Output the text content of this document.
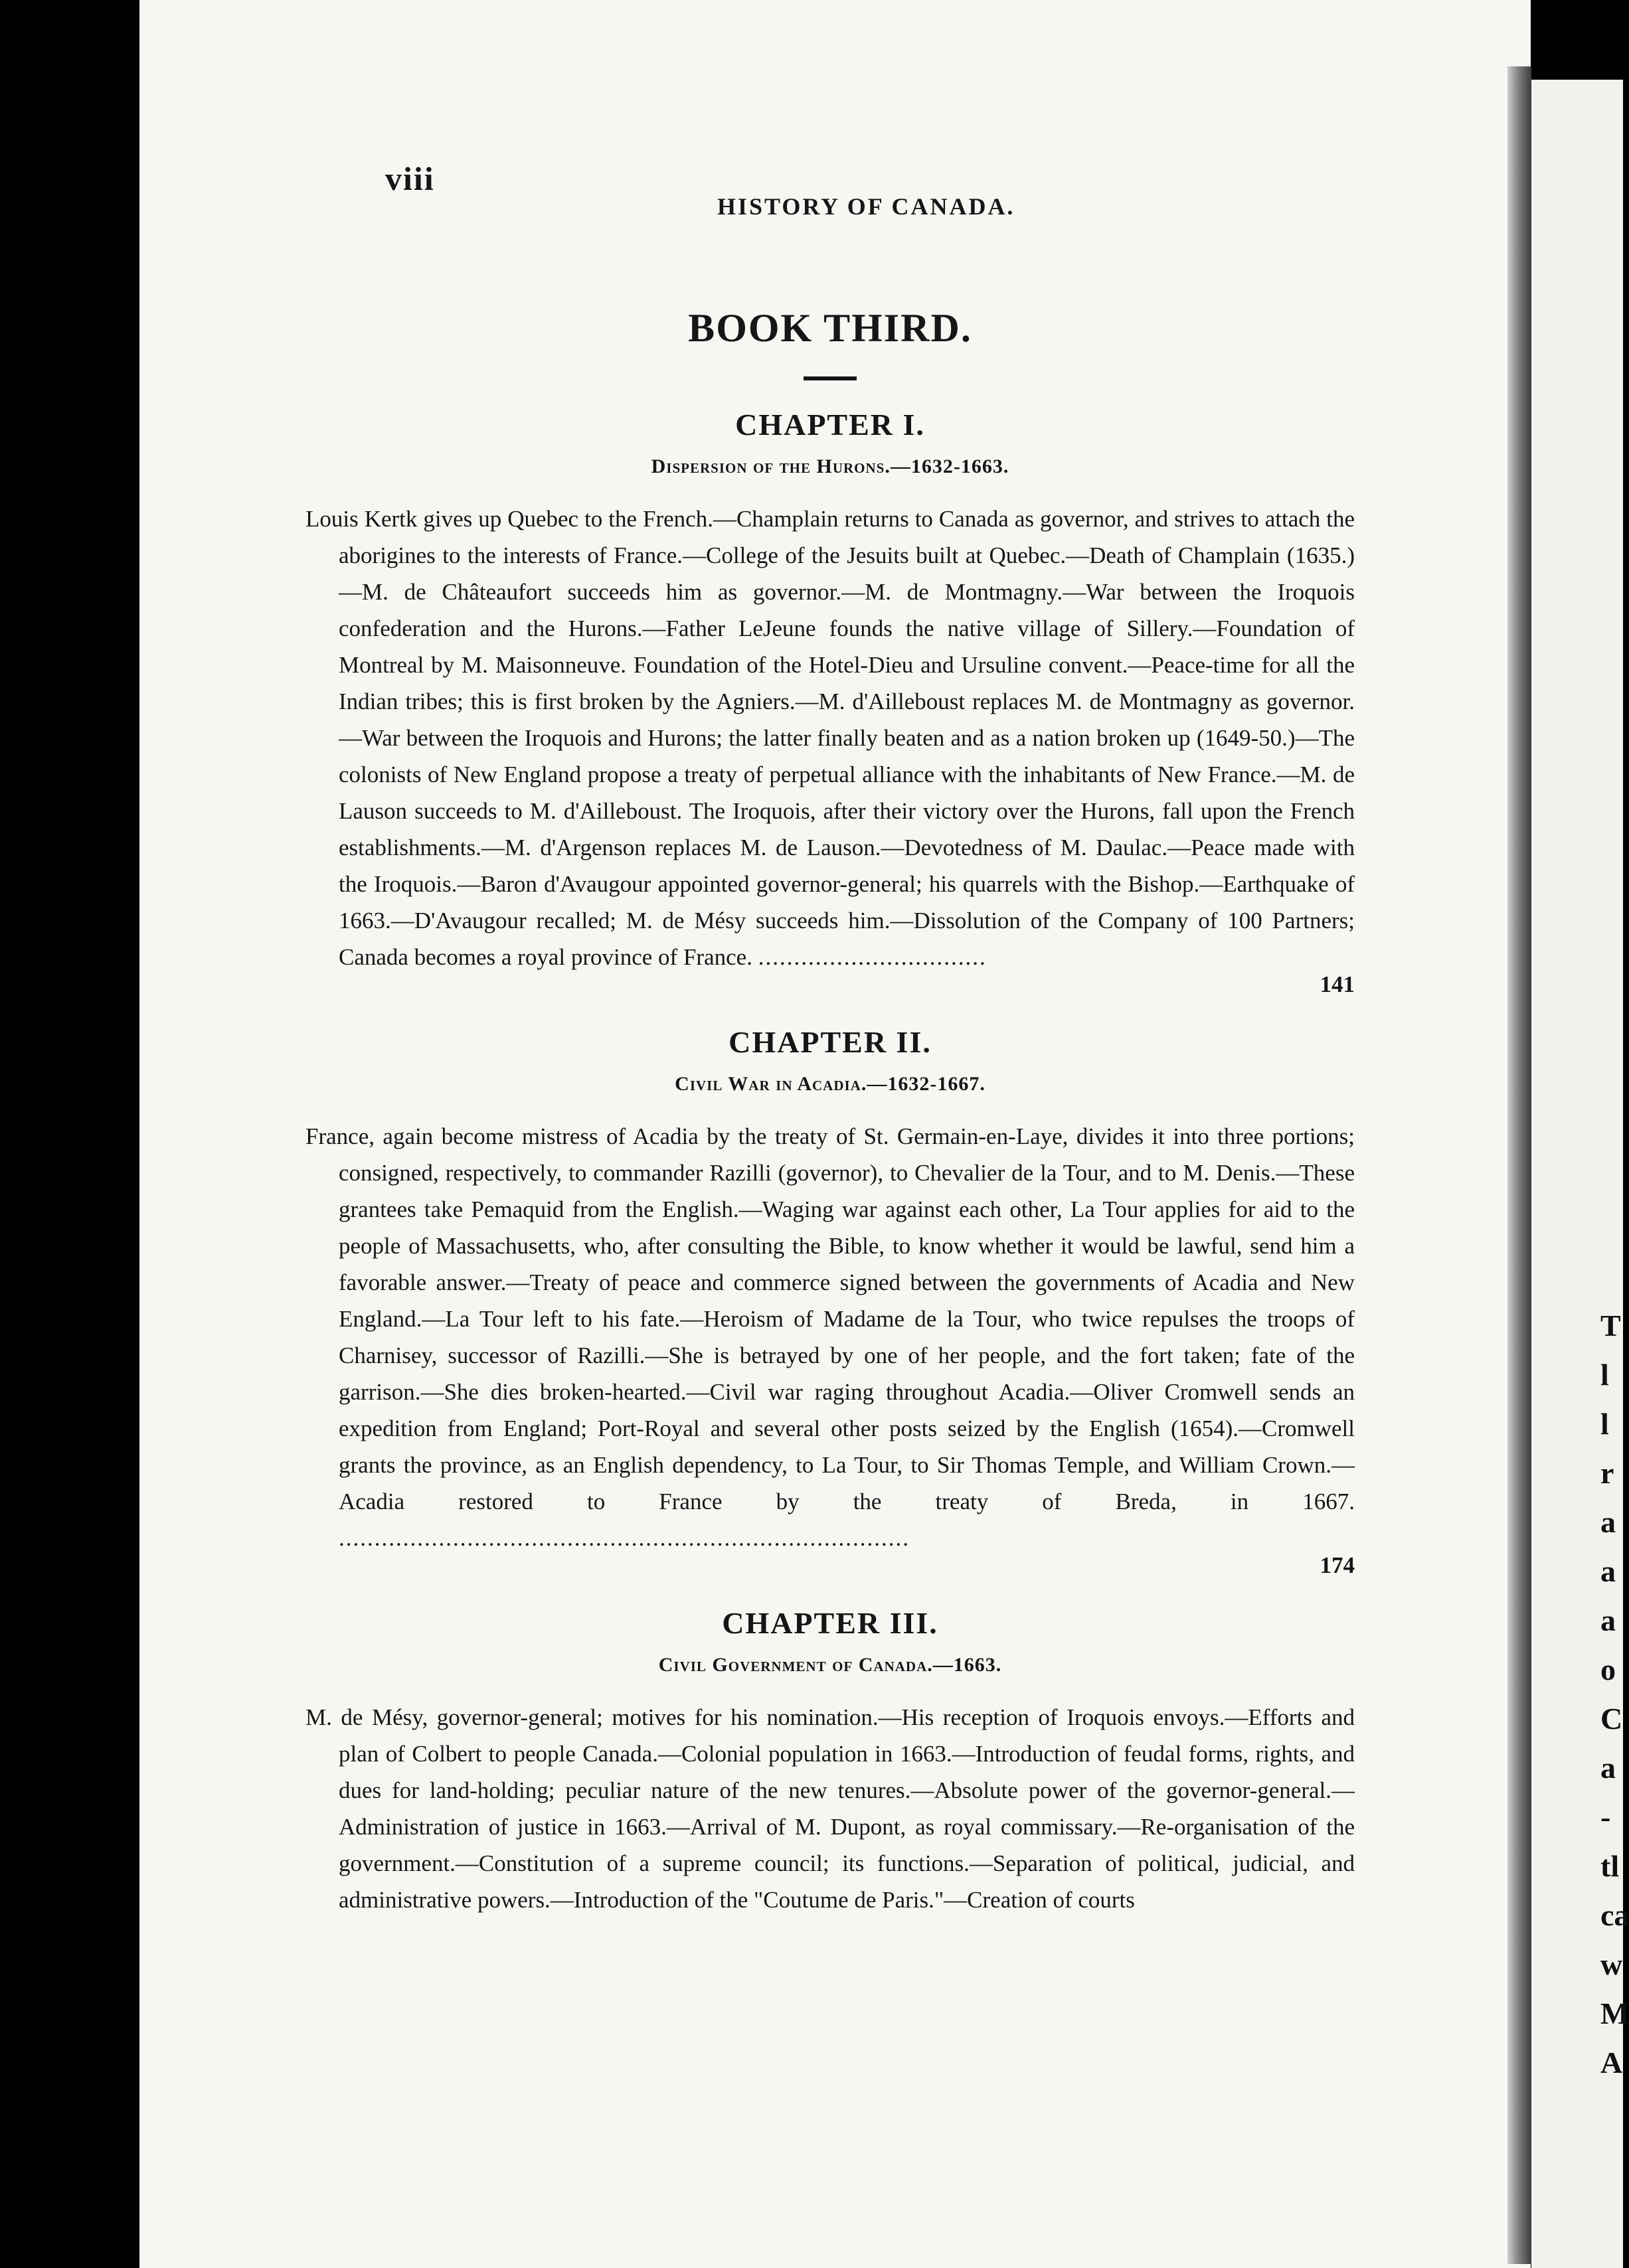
T
l
l
r
a
a
a
o
C
a
-
tl
ca
w
M
A
viii
HISTORY OF CANADA.
BOOK THIRD.
CHAPTER I.
Dispersion of the Hurons.—1632-1663.

Louis Kertk gives up Quebec to the French.—Champlain returns to Canada as governor, and strives to attach the aborigines to the interests of France.—College of the Jesuits built at Quebec.—Death of Champlain (1635.)—M. de Châteaufort succeeds him as governor.—M. de Montmagny.—War between the Iroquois confederation and the Hurons.—Father LeJeune founds the native village of Sillery.—Foundation of Montreal by M. Maisonneuve. Foundation of the Hotel-Dieu and Ursuline convent.—Peace-time for all the Indian tribes; this is first broken by the Agniers.—M. d'Ailleboust replaces M. de Montmagny as governor.—War between the Iroquois and Hurons; the latter finally beaten and as a nation broken up (1649-50.)—The colonists of New England propose a treaty of perpetual alliance with the inhabitants of New France.—M. de Lauson succeeds to M. d'Ailleboust. The Iroquois, after their victory over the Hurons, fall upon the French establishments.—M. d'Argenson replaces M. de Lauson.—Devotedness of M. Daulac.—Peace made with the Iroquois.—Baron d'Avaugour appointed governor-general; his quarrels with the Bishop.—Earthquake of 1663.—D'Avaugour recalled; M. de Mésy succeeds him.—Dissolution of the Company of 100 Partners; Canada becomes a royal province of France. ................................

141
CHAPTER II.
Civil War in Acadia.—1632-1667.

France, again become mistress of Acadia by the treaty of St. Germain-en-Laye, divides it into three portions; consigned, respectively, to commander Razilli (governor), to Chevalier de la Tour, and to M. Denis.—These grantees take Pemaquid from the English.—Waging war against each other, La Tour applies for aid to the people of Massachusetts, who, after consulting the Bible, to know whether it would be lawful, send him a favorable answer.—Treaty of peace and commerce signed between the governments of Acadia and New England.—La Tour left to his fate.—Heroism of Madame de la Tour, who twice repulses the troops of Charnisey, successor of Razilli.—She is betrayed by one of her people, and the fort taken; fate of the garrison.—She dies broken-hearted.—Civil war raging throughout Acadia.—Oliver Cromwell sends an expedition from England; Port-Royal and several other posts seized by the English (1654).—Cromwell grants the province, as an English dependency, to La Tour, to Sir Thomas Temple, and William Crown.—Acadia restored to France by the treaty of Breda, in 1667. ................................................................................

174
CHAPTER III.
Civil Government of Canada.—1663.

M. de Mésy, governor-general; motives for his nomination.—His reception of Iroquois envoys.—Efforts and plan of Colbert to people Canada.—Colonial population in 1663.—Introduction of feudal forms, rights, and dues for land-holding; peculiar nature of the new tenures.—Absolute power of the governor-general.—Administration of justice in 1663.—Arrival of M. Dupont, as royal commissary.—Re-organisation of the government.—Constitution of a supreme council; its functions.—Separation of political, judicial, and administrative powers.—Introduction of the "Coutume de Paris."—Creation of courts
